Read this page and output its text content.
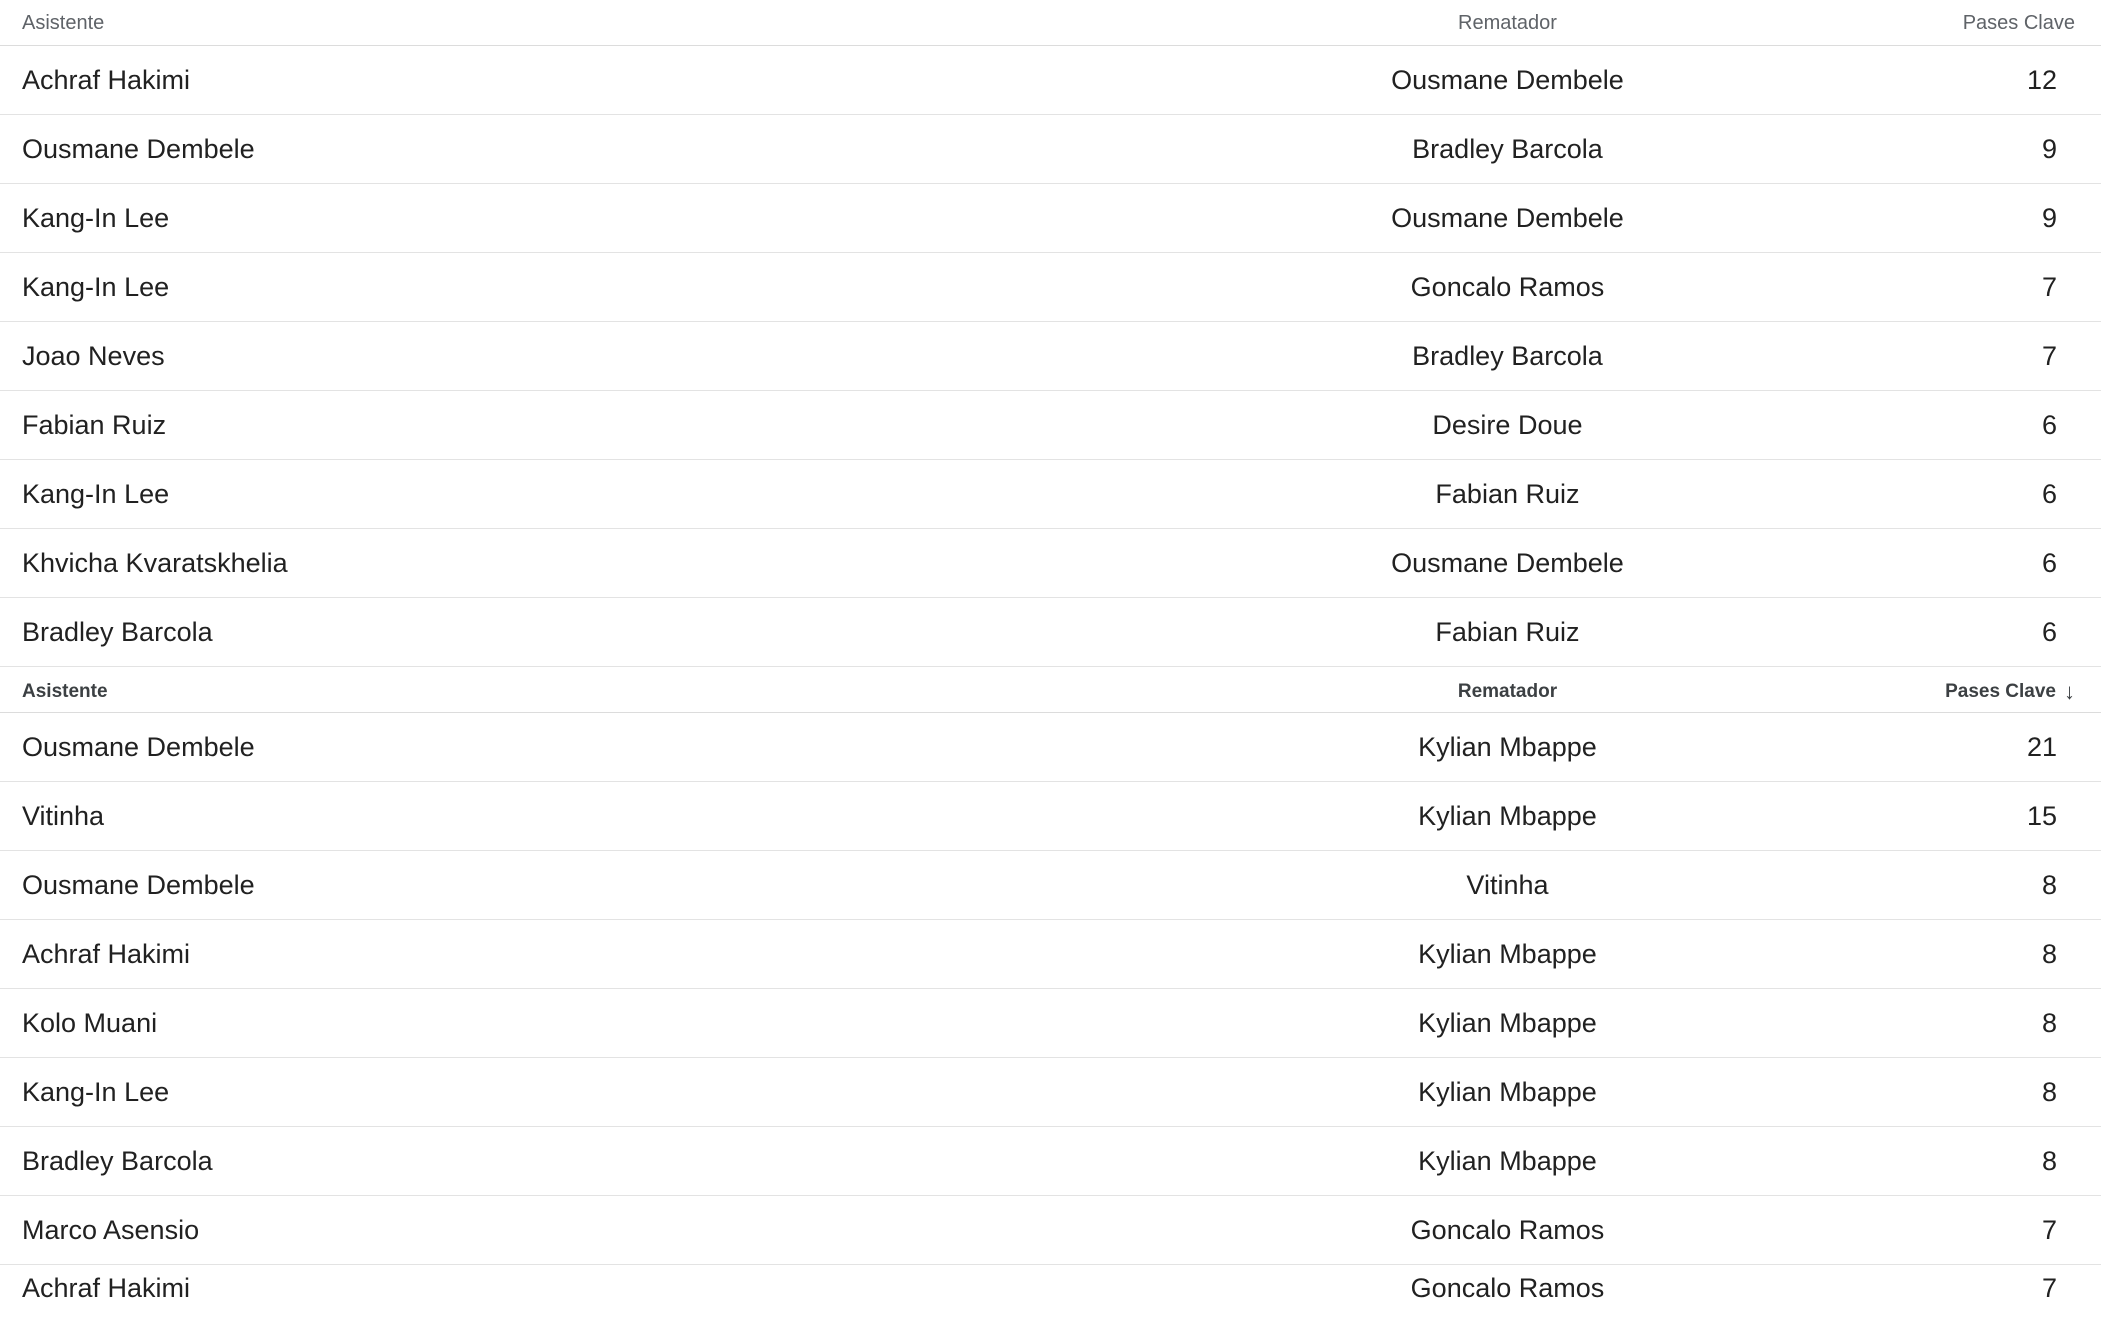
Asistente	Rematador	Pases Clave
Achraf Hakimi	Ousmane Dembele	12
Ousmane Dembele	Bradley Barcola	9
Kang-In Lee	Ousmane Dembele	9
Kang-In Lee	Goncalo Ramos	7
Joao Neves	Bradley Barcola	7
Fabian Ruiz	Desire Doue	6
Kang-In Lee	Fabian Ruiz	6
Khvicha Kvaratskhelia	Ousmane Dembele	6
Bradley Barcola	Fabian Ruiz	6
Asistente	Rematador	Pases Clave ↓
Ousmane Dembele	Kylian Mbappe	21
Vitinha	Kylian Mbappe	15
Ousmane Dembele	Vitinha	8
Achraf Hakimi	Kylian Mbappe	8
Kolo Muani	Kylian Mbappe	8
Kang-In Lee	Kylian Mbappe	8
Bradley Barcola	Kylian Mbappe	8
Marco Asensio	Goncalo Ramos	7
Achraf Hakimi	Goncalo Ramos	7
